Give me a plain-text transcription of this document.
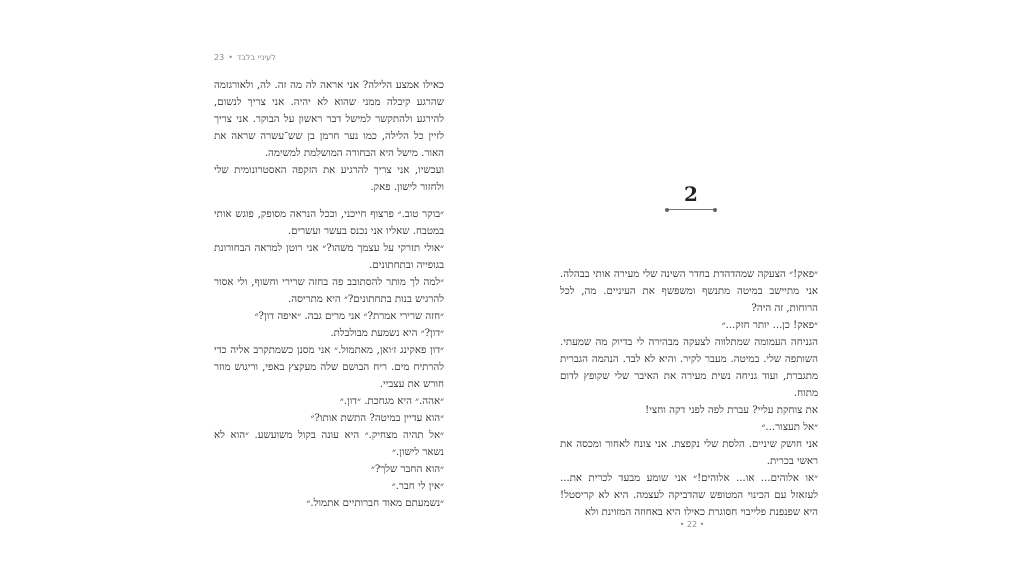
23 • לעיניי בלבד

כאילו אמצע הלילה? אני אראה לה מה זה. לה, ולאורגזמה שהרגע קיבלה ממני שהוא לא יהיה. אני צריך לנשום, להירגע ולהתקשר למישל דבר ראשון על הבוקר. אני צריך לזיין כל הלילה, כמו נער חרמן בן שש־עשרה שראה את האור. מישל היא הבחורה המושלמת למשימה.

ועכשיו, אני צריך להרגיע את הזקפה האסטרונומית שלי ולחזור לישון. פאק.

״בוקר טוב.״ פרצוף חייכני, וככל הנראה מסופק, פוגש אותי במטבח. שאליו אני נכנס בעשר ועשרים.

״אולי תזרקי על עצמך משהו?״ אני רוטן למראה הבחורונת בגופייה ובתחתונים.

״למה לך מותר להסתובב פה בחזה שרירי וחשוף, ולי אסור להרגיש בנות בתחתונים?״ היא מתריסה.

״חזה שרירי אמרת?״ אני מרים גבה. ״איפה דון?״

״דון?״ היא נשמעת מבולבלת.

״דון פאקינג ז׳ואן, מאתמול.״ אני מסנן כשמתקרב אליה כדי להרתיח מים. ריח הבושם שלה מעקצץ באפי, וריגוש מוזר חורש את עצביי.

״אהה.״ היא מגחכת. ״דון.״

״הוא עדיין במיטה? התשת אותו?״

״אל תהיה מצחיק.״ היא עונה בקול משועשע. ״הוא לא נשאר לישון.״

״הוא החבר שלך?״

״אין לי חבר.״

״נשמעתם מאוד חברותיים אתמול.״

2

״פאק!״ הצעקה שמהדהדת בחדר השינה שלי מעירה אותי בבהלה. אני מתיישב במיטה מתנשף ומשפשף את העיניים. מה, לכל הרוחות, זה היה?

״פאק! כן... יותר חזק...״

הגניחה העמומה שמתלווה לצעקה מבהירה לי בדיוק מה שמעתי. השותפה שלי. במיטה. מעבר לקיר. והיא לא לבד. הנהמה הגברית מתגברת, ועוד גניחה נשית מעירה את האיבר שלי שקופץ לדום מתוח.

את צוחקת עליי? עברת לפה לפני דקה וחצי!

״אל תעצור...״

אני חושק שיניים. הלסת שלי נקפצת. אני צונח לאחור ומכסה את ראשי בכרית.

״או אלוהים... או... אלוהים!״ אני שומע מבעד לכרית את... לעזאזל עם הכינוי המטופש שהדביקה לעצמה. היא לא קריסטל! היא שפנפנת פלייבוי חסוגרת כאילו היא באחוזה המזוינת ולא

• 22 •
